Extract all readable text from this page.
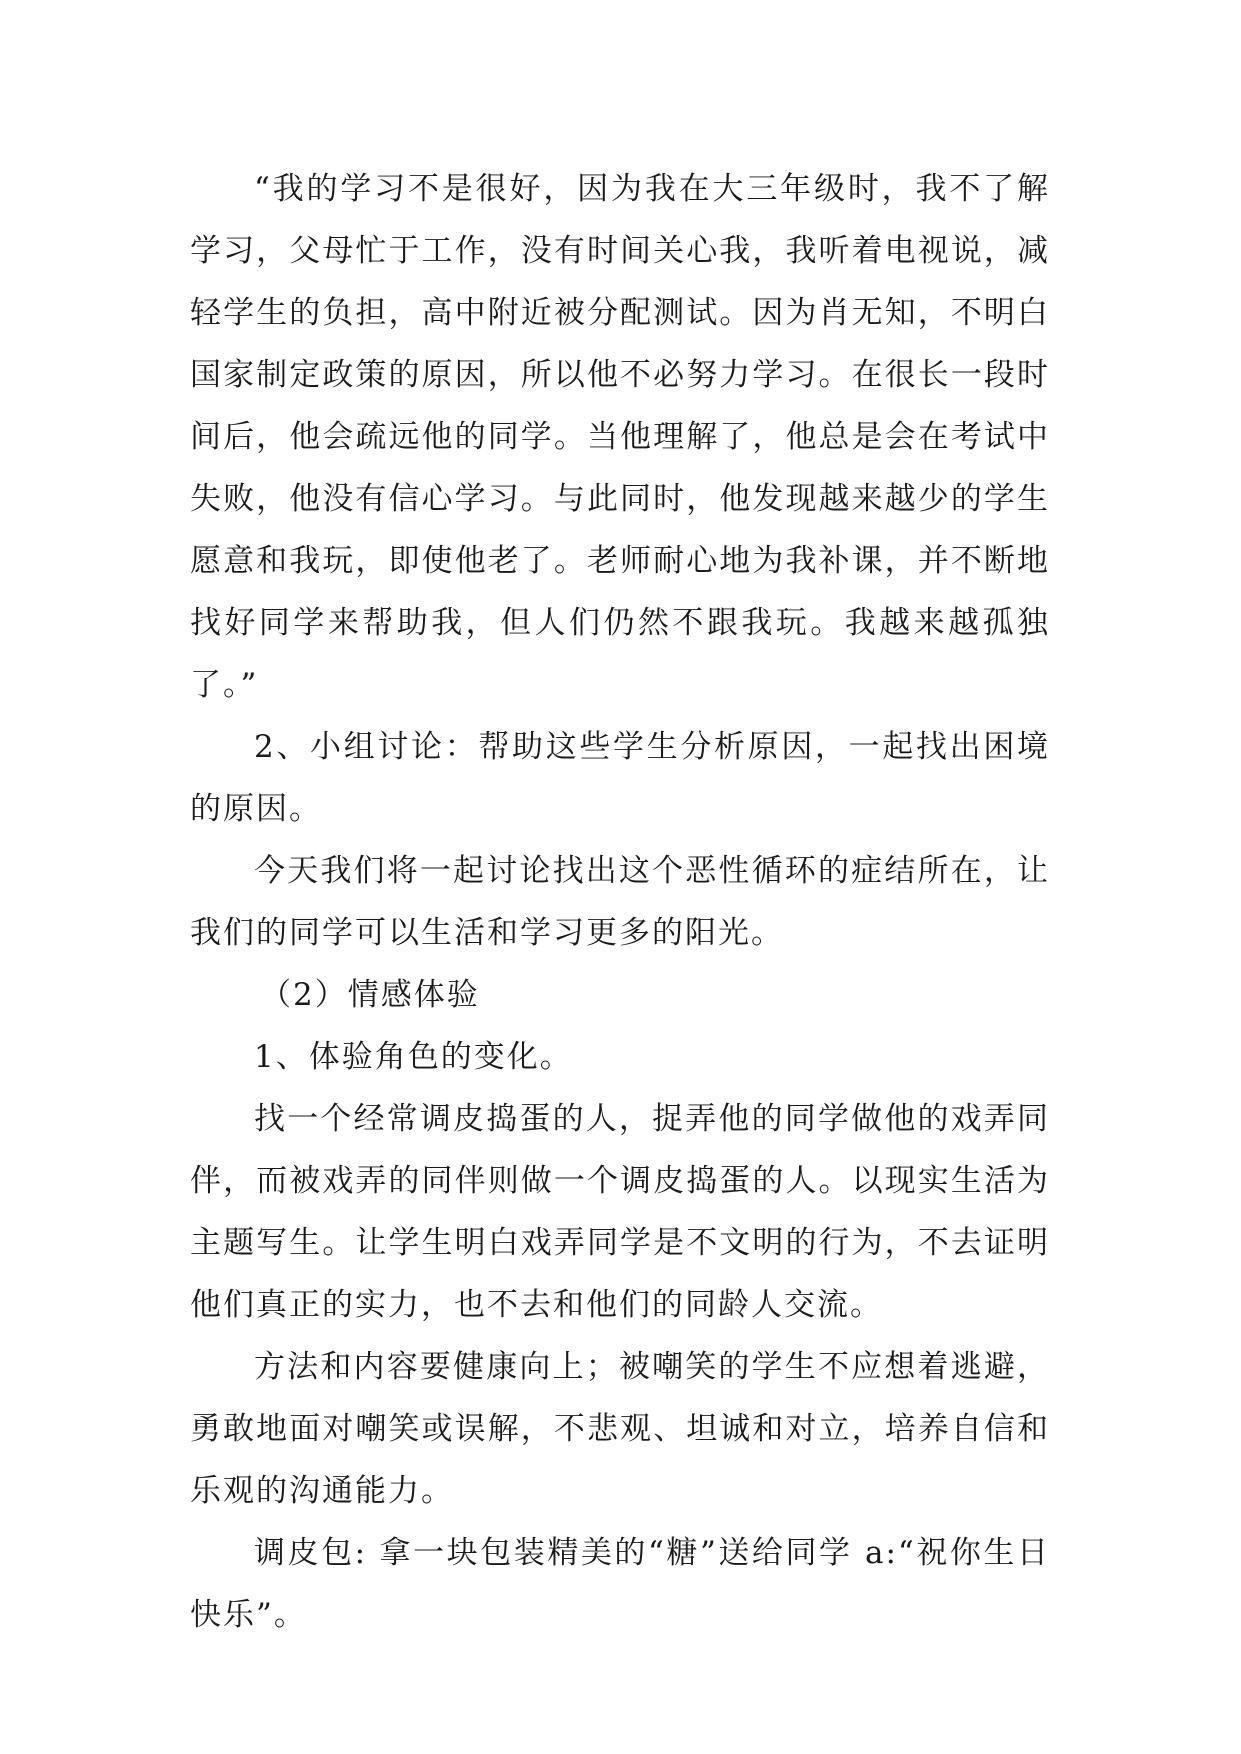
“我的学习不是很好，因为我在大三年级时，我不了解学习，父母忙于工作，没有时间关心我，我听着电视说，减轻学生的负担，高中附近被分配测试。因为肖无知，不明白国家制定政策的原因，所以他不必努力学习。在很长一段时间后，他会疏远他的同学。当他理解了，他总是会在考试中失败，他没有信心学习。与此同时，他发现越来越少的学生愿意和我玩，即使他老了。老师耐心地为我补课，并不断地找好同学来帮助我，但人们仍然不跟我玩。我越来越孤独了。”

2、小组讨论：帮助这些学生分析原因，一起找出困境的原因。

今天我们将一起讨论找出这个恶性循环的症结所在，让我们的同学可以生活和学习更多的阳光。

（2）情感体验

1、体验角色的变化。

找一个经常调皮捣蛋的人，捉弄他的同学做他的戏弄同伴，而被戏弄的同伴则做一个调皮捣蛋的人。以现实生活为主题写生。让学生明白戏弄同学是不文明的行为，不去证明他们真正的实力，也不去和他们的同龄人交流。

方法和内容要健康向上；被嘲笑的学生不应想着逃避，勇敢地面对嘲笑或误解，不悲观、坦诚和对立，培养自信和乐观的沟通能力。

调皮包: 拿一块包装精美的“糖”送给同学 a:“祝你生日快乐”。
